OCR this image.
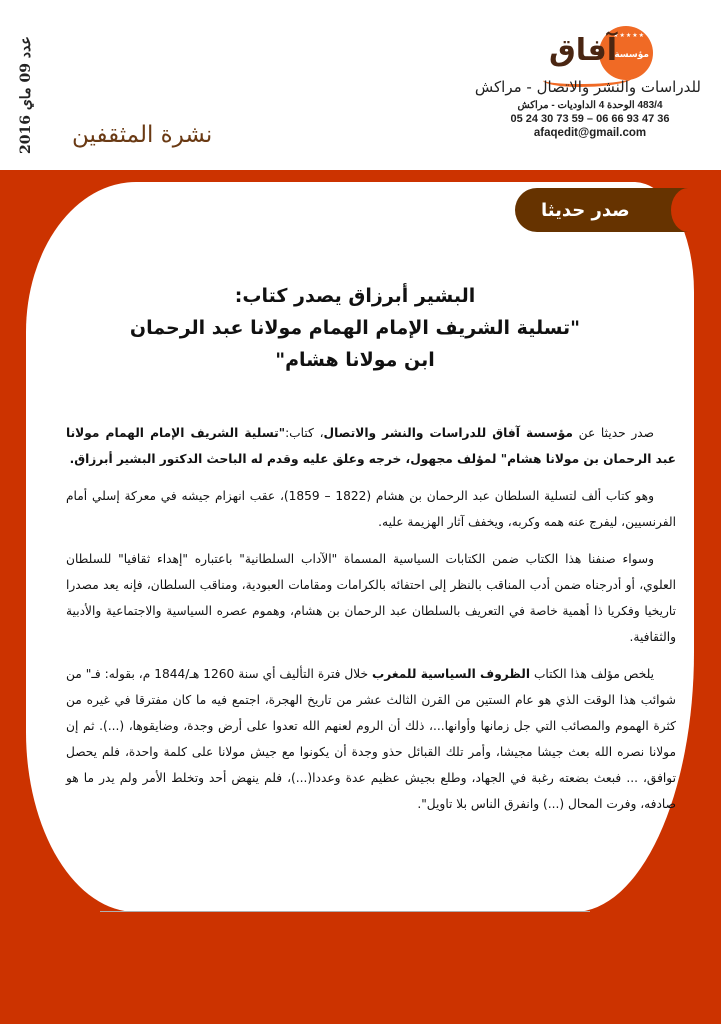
عدد 09 ماي 2016
نشرة المثقفين
★★★★★
مؤسسة
آفاق
للدراسات والنشر والاتصال - مراكش
483/4 الوحدة 4 الداوديات - مراكش
05 24 30 73 59 – 06 66 93 47 36
afaqedit@gmail.com
صدر حديثا
البشير أبرزاق يصدر كتاب:
"تسلية الشريف الإمام الهمام مولانا عبد الرحمان
ابن مولانا هشام"

صدر حديثا عن مؤسسة آفاق للدراسات والنشر والاتصال، كتاب:"تسلية الشريف الإمام الهمام مولانا عبد الرحمان بن مولانا هشام" لمؤلف مجهول، خرجه وعلق عليه وقدم له الباحث الدكتور البشير أبرزاق.

وهو كتاب ألف لتسلية السلطان عبد الرحمان بن هشام (1822 – 1859)، عقب انهزام جيشه في معركة إسلي أمام الفرنسيين، ليفرج عنه همه وكربه، ويخفف آثار الهزيمة عليه.

وسواء صنفنا هذا الكتاب ضمن الكتابات السياسية المسماة "الآداب السلطانية" باعتباره "إهداء ثقافيا" للسلطان العلوي، أو أدرجناه ضمن أدب المناقب بالنظر إلى احتفائه بالكرامات ومقامات العبودية، ومناقب السلطان، فإنه يعد مصدرا تاريخيا وفكريا ذا أهمية خاصة في التعريف بالسلطان عبد الرحمان بن هشام، وهموم عصره السياسية والاجتماعية والأدبية والثقافية.

يلخص مؤلف هذا الكتاب الظروف السياسية للمغرب خلال فترة التأليف أي سنة 1260 هـ/1844 م، بقوله: فـ" من شوائب هذا الوقت الذي هو عام الستين من القرن الثالث عشر من تاريخ الهجرة، اجتمع فيه ما كان مفترقا في غيره من كثرة الهموم والمصائب التي جل زمانها وأوانها...، ذلك أن الروم لعنهم الله تعدوا على أرض وجدة، وضايقوها، (...). ثم إن مولانا نصره الله بعث جيشا مجيشا، وأمر تلك القبائل حذو وجدة أن يكونوا مع جيش مولانا على كلمة واحدة، فلم يحصل توافق، ... فبعث بضعته رغبة في الجهاد، وطلع بجيش عظيم عدة وعددا(...)، فلم ينهض أحد وتخلط الأمر ولم يدر ما هو صادفه، وفرت المحال (...) وانفرق الناس بلا تاويل".
